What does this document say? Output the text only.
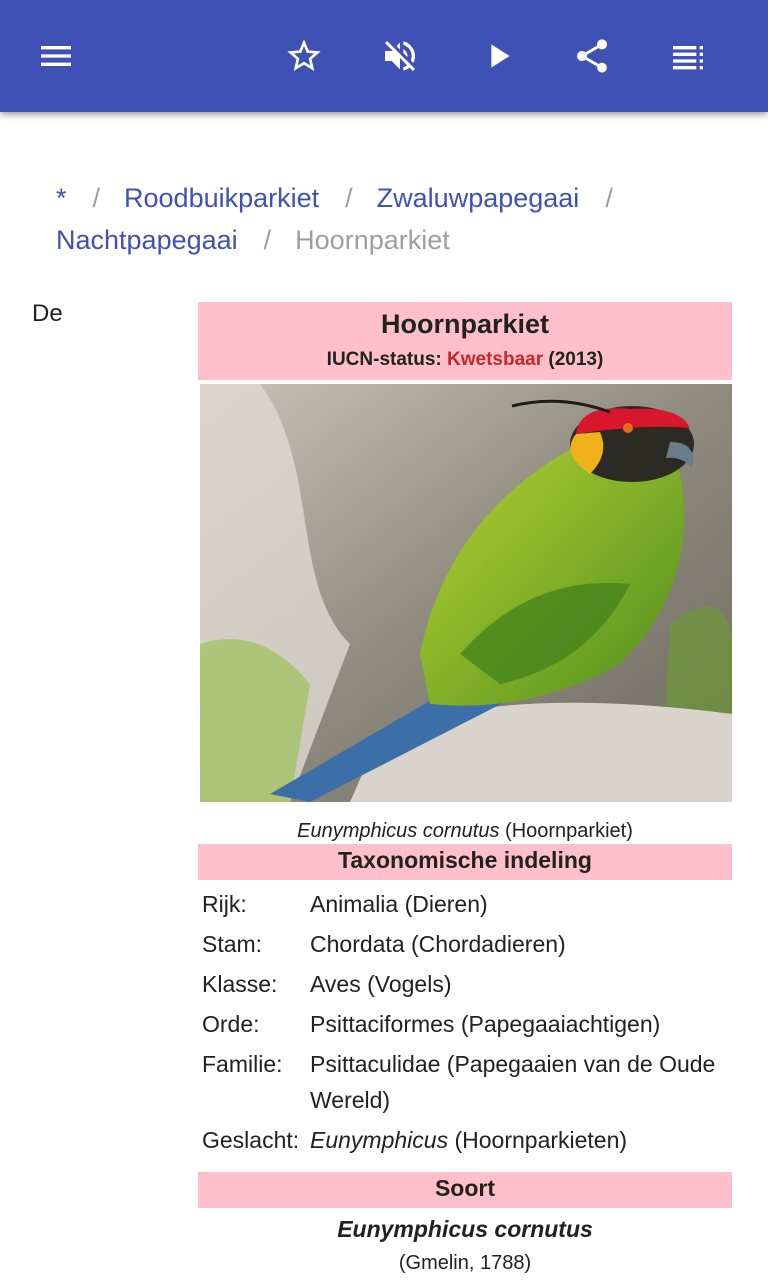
* / Roodbuikparkiet / Zwaluwpapegaai /
Nachtpapegaai / Hoornparkiet
De	Hoornparkiet
IUCN-status: Kwetsbaar (2013)
Eunymphicus cornutus (Hoornparkiet)
Taxonomische indeling
Rijk:	Animalia (Dieren)
Stam:	Chordata (Chordadieren)
Klasse:	Aves (Vogels)
Orde:	Psittaciformes (Papegaaiachtigen)
Familie:	Psittaculidae (Papegaaien van de Oude Wereld)
Geslacht: Eunymphicus (Hoornparkieten)
Soort
Eunymphicus cornutus
(Gmelin, 1788)
